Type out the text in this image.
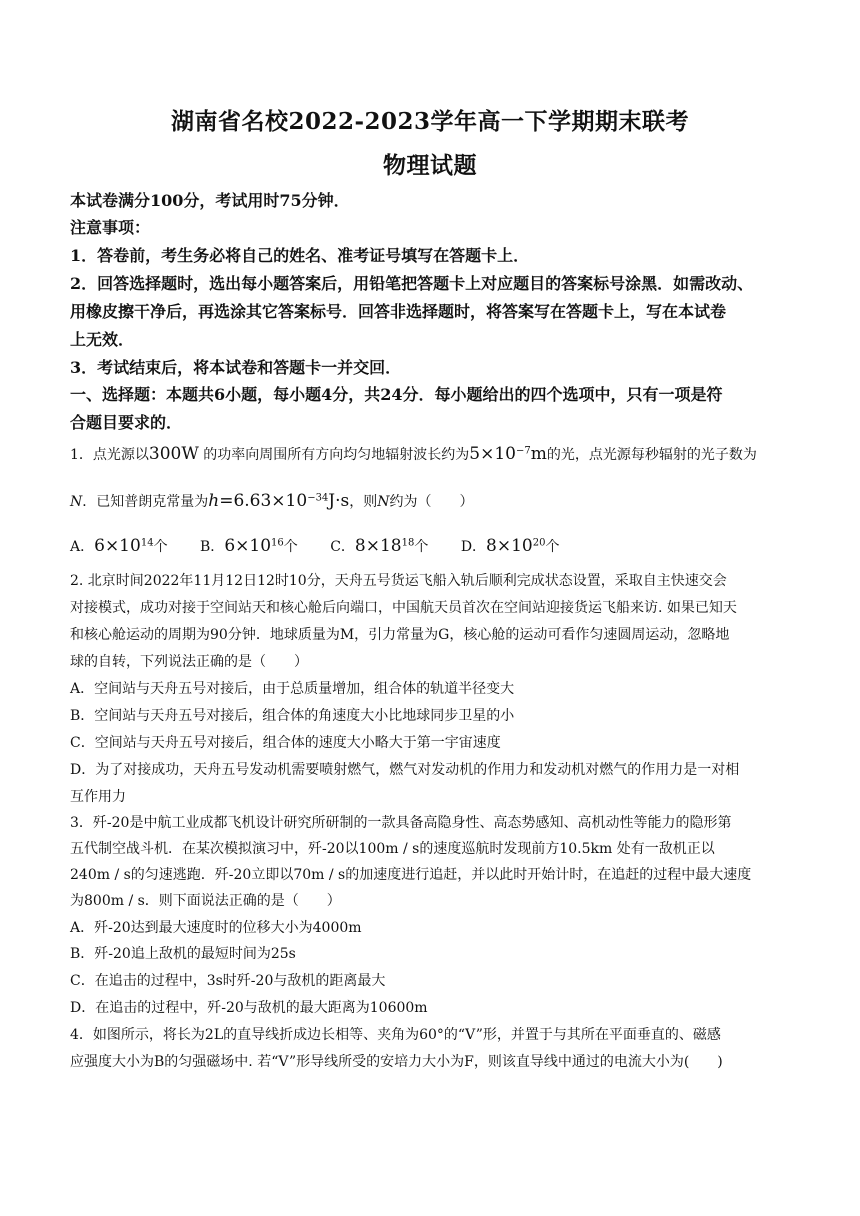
湖南省名校2022-2023学年高一下学期期末联考
物理试题
本试卷满分100分，考试用时75分钟．
注意事项：
1．答卷前，考生务必将自己的姓名、准考证号填写在答题卡上．
2．回答选择题时，选出每小题答案后，用铅笔把答题卡上对应题目的答案标号涂黑．如需改动、
用橡皮擦干净后，再选涂其它答案标号．回答非选择题时，将答案写在答题卡上，写在本试卷
上无效．
3．考试结束后，将本试卷和答题卡一并交回．
一、选择题：本题共6小题，每小题4分，共24分．每小题给出的四个选项中，只有一项是符
合题目要求的．
1．点光源以300W 的功率向周围所有方向均匀地辐射波长约为$5\times 10^{-7}m$的光，点光源每秒辐射的光子数为
N．已知普朗克常量为$h=6.63\times 10^{-34}J\cdot s$，则N约为（　　）
A．$6\times 10^{14}$个 B．$6\times 10^{16}$个 C．$8\times 18^{18}$个 D．$8\times 10^{20}$个
2. 北京时间2022年11月12日12时10分，天舟五号货运飞船入轨后顺利完成状态设置，采取自主快速交会
对接模式，成功对接于空间站天和核心舱后向端口，中国航天员首次在空间站迎接货运飞船来访. 如果已知天
和核心舱运动的周期为90分钟．地球质量为M，引力常量为G，核心舱的运动可看作匀速圆周运动，忽略地
球的自转，下列说法正确的是（　　）
A．空间站与天舟五号对接后，由于总质量增加，组合体的轨道半径变大
B．空间站与天舟五号对接后，组合体的角速度大小比地球同步卫星的小
C．空间站与天舟五号对接后，组合体的速度大小略大于第一宇宙速度
D．为了对接成功，天舟五号发动机需要喷射燃气，燃气对发动机的作用力和发动机对燃气的作用力是一对相
互作用力
3．歼-20是中航工业成都飞机设计研究所研制的一款具备高隐身性、高态势感知、高机动性等能力的隐形第
五代制空战斗机．在某次模拟演习中，歼-20以100m / s的速度巡航时发现前方10.5km 处有一敌机正以
240m / s的匀速逃跑．歼-20立即以70m / s的加速度进行追赶，并以此时开始计时，在追赶的过程中最大速度
为800m / s．则下面说法正确的是（　　）
A．歼-20达到最大速度时的位移大小为4000m
B．歼-20追上敌机的最短时间为25s
C．在追击的过程中，3s时歼-20与敌机的距离最大
D．在追击的过程中，歼-20与敌机的最大距离为10600m
4．如图所示，将长为2L的直导线折成边长相等、夹角为60°的“V”形，并置于与其所在平面垂直的、磁感
应强度大小为B的匀强磁场中. 若“V”形导线所受的安培力大小为F，则该直导线中通过的电流大小为(　　)
